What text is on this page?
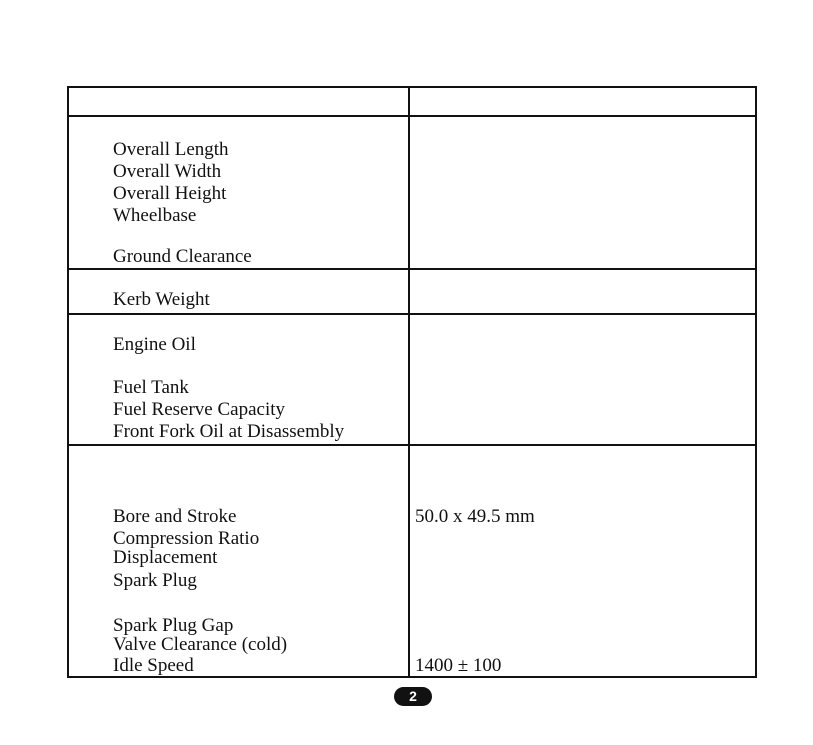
Overall Length
Overall Width
Overall Height
Wheelbase
Ground Clearance
Kerb Weight
Engine Oil
Fuel Tank
Fuel Reserve Capacity
Front Fork Oil at Disassembly
Bore and Stroke	50.0 x 49.5 mm
Compression Ratio
Displacement
Spark Plug
Spark Plug Gap
Valve Clearance (cold)
Idle Speed	1400 ± 100
2
